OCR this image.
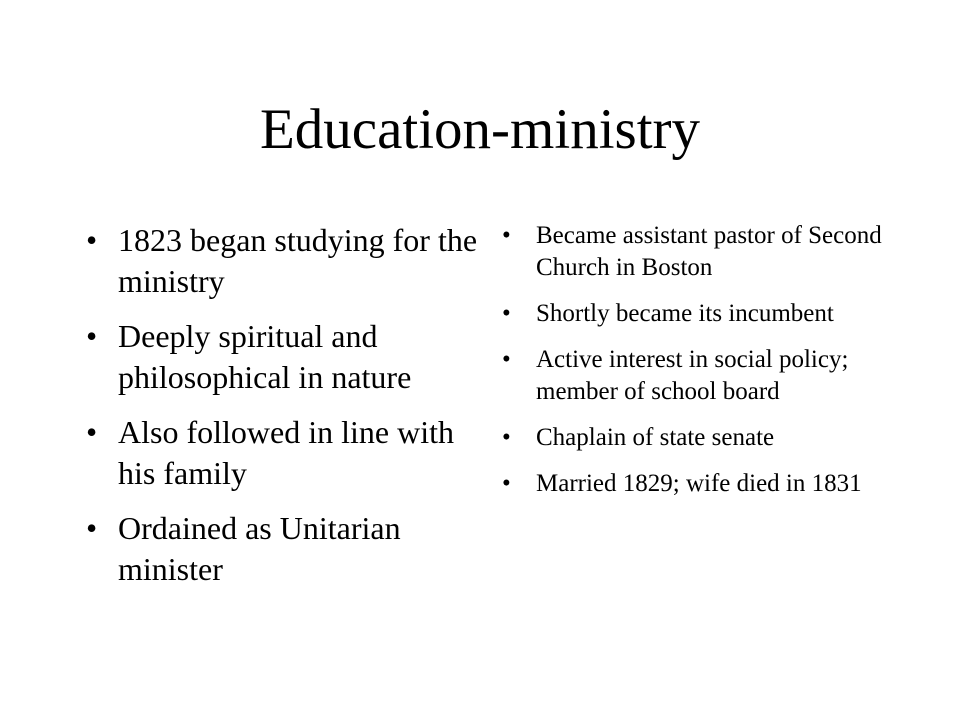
Education-ministry
• 1823 began studying for the ministry
• Deeply spiritual and philosophical in nature
• Also followed in line with his family
• Ordained as Unitarian minister
• Became assistant pastor of Second Church in Boston
• Shortly became its incumbent
• Active interest in social policy; member of school board
• Chaplain of state senate
• Married 1829; wife died in 1831
